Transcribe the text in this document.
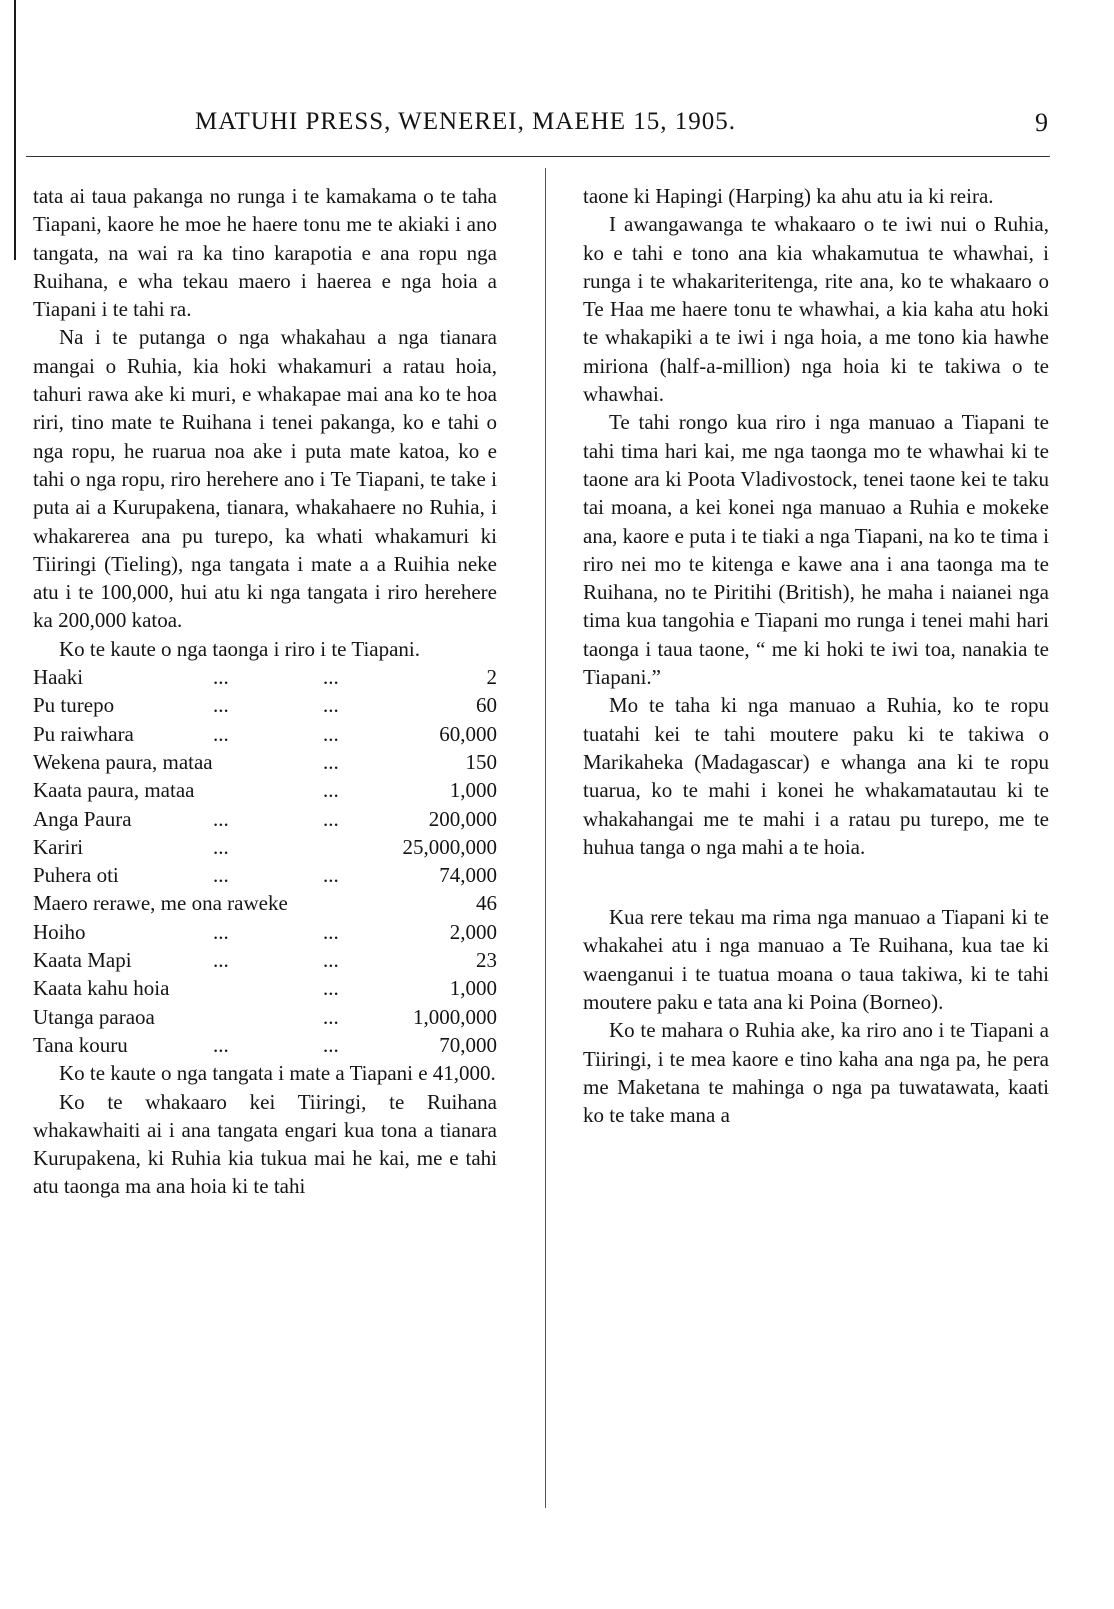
MATUHI PRESS, WENEREI, MAEHE 15, 1905.	9

tata ai taua pakanga no runga i te kamakama o te taha Tiapani, kaore he moe he haere tonu me te akiaki i ano tangata, na wai ra ka tino karapotia e ana ropu nga Ruihana, e wha tekau maero i haerea e nga hoia a Tiapani i te tahi ra.

Na i te putanga o nga whakahau a nga tianara mangai o Ruhia, kia hoki whakamuri a ratau hoia, tahuri rawa ake ki muri, e whakapae mai ana ko te hoa riri, tino mate te Ruihana i tenei pakanga, ko e tahi o nga ropu, he ruarua noa ake i puta mate katoa, ko e tahi o nga ropu, riro herehere ano i Te Tiapani, te take i puta ai a Kurupakena, tianara, whakahaere no Ruhia, i whakarerea ana pu turepo, ka whati whakamuri ki Tiiringi (Tieling), nga tangata i mate a a Ruihia neke atu i te 100,000, hui atu ki nga tangata i riro herehere ka 200,000 katoa.

Ko te kaute o nga taonga i riro i te Tiapani.

Haaki	...	...	2
Pu turepo	...	...	60
Pu raiwhara	...	...	60,000
Wekena paura, mataa		...	150
Kaata paura, mataa		...	1,000
Anga Paura	...	...	200,000
Kariri	...	25,000,000	
Puhera oti	...	...	74,000
Maero rerawe, me ona raweke			46
Hoiho	...	...	2,000
Kaata Mapi	...	...	23
Kaata kahu hoia		...	1,000
Utanga paraoa		...	1,000,000
Tana kouru	...	...	70,000

Ko te kaute o nga tangata i mate a Tiapani e 41,000.

Ko te whakaaro kei Tiiringi, te Ruihana whakawhaiti ai i ana tangata engari kua tona a tianara Kurupakena, ki Ruhia kia tukua mai he kai, me e tahi atu taonga ma ana hoia ki te tahi

taone ki Hapingi (Harping) ka ahu atu ia ki reira.

I awangawanga te whakaaro o te iwi nui o Ruhia, ko e tahi e tono ana kia whakamutua te whawhai, i runga i te whakariteritenga, rite ana, ko te whakaaro o Te Haa me haere tonu te whawhai, a kia kaha atu hoki te whakapiki a te iwi i nga hoia, a me tono kia hawhe miriona (half-a-million) nga hoia ki te takiwa o te whawhai.

Te tahi rongo kua riro i nga manuao a Tiapani te tahi tima hari kai, me nga taonga mo te whawhai ki te taone ara ki Poota Vladivostock, tenei taone kei te taku tai moana, a kei konei nga manuao a Ruhia e mokeke ana, kaore e puta i te tiaki a nga Tiapani, na ko te tima i riro nei mo te kitenga e kawe ana i ana taonga ma te Ruihana, no te Piritihi (British), he maha i naianei nga tima kua tangohia e Tiapani mo runga i tenei mahi hari taonga i taua taone, “ me ki hoki te iwi toa, nanakia te Tiapani.”

Mo te taha ki nga manuao a Ruhia, ko te ropu tuatahi kei te tahi moutere paku ki te takiwa o Marikaheka (Madagascar) e whanga ana ki te ropu tuarua, ko te mahi i konei he whakamatautau ki te whakahangai me te mahi i a ratau pu turepo, me te huhua tanga o nga mahi a te hoia.

Kua rere tekau ma rima nga manuao a Tiapani ki te whakahei atu i nga manuao a Te Ruihana, kua tae ki waenganui i te tuatua moana o taua takiwa, ki te tahi moutere paku e tata ana ki Poina (Borneo).

Ko te mahara o Ruhia ake, ka riro ano i te Tiapani a Tiiringi, i te mea kaore e tino kaha ana nga pa, he pera me Maketana te mahinga o nga pa tuwatawata, kaati ko te take mana a
